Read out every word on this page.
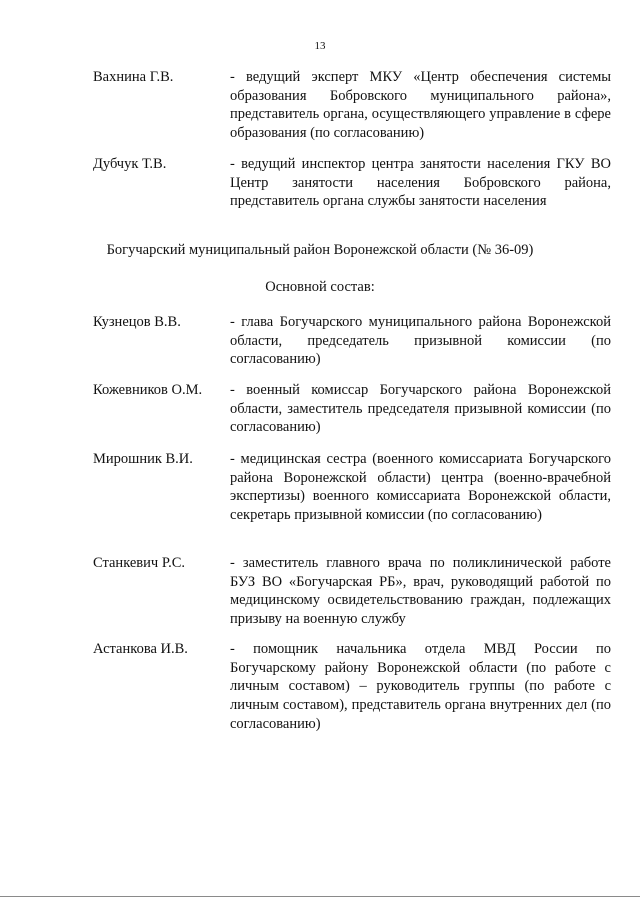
13
Вахнина Г.В.	- ведущий эксперт МКУ «Центр обеспечения системы образования Бобровского муниципального района», представитель органа, осуществляющего управление в сфере образования (по согласованию)
Дубчук Т.В.	- ведущий инспектор центра занятости населения ГКУ ВО Центр занятости населения Бобровского района, представитель органа службы занятости населения
Богучарский муниципальный район Воронежской области (№ 36-09)
Основной состав:
Кузнецов В.В.	- глава Богучарского муниципального района Воронежской области, председатель призывной комиссии (по согласованию)
Кожевников О.М.	- военный комиссар Богучарского района Воронежской области, заместитель председателя призывной комиссии (по согласованию)
Мирошник В.И.	- медицинская сестра (военного комиссариата Богучарского района Воронежской области) центра (военно-врачебной экспертизы) военного комиссариата Воронежской области, секретарь призывной комиссии (по согласованию)
Станкевич Р.С.	- заместитель главного врача по поликлинической работе БУЗ ВО «Богучарская РБ», врач, руководящий работой по медицинскому освидетельствованию граждан, подлежащих призыву на военную службу
Астанкова И.В.	- помощник начальника отдела МВД России по Богучарскому району Воронежской области (по работе с личным составом) – руководитель группы (по работе с личным составом), представитель органа внутренних дел (по согласованию)
